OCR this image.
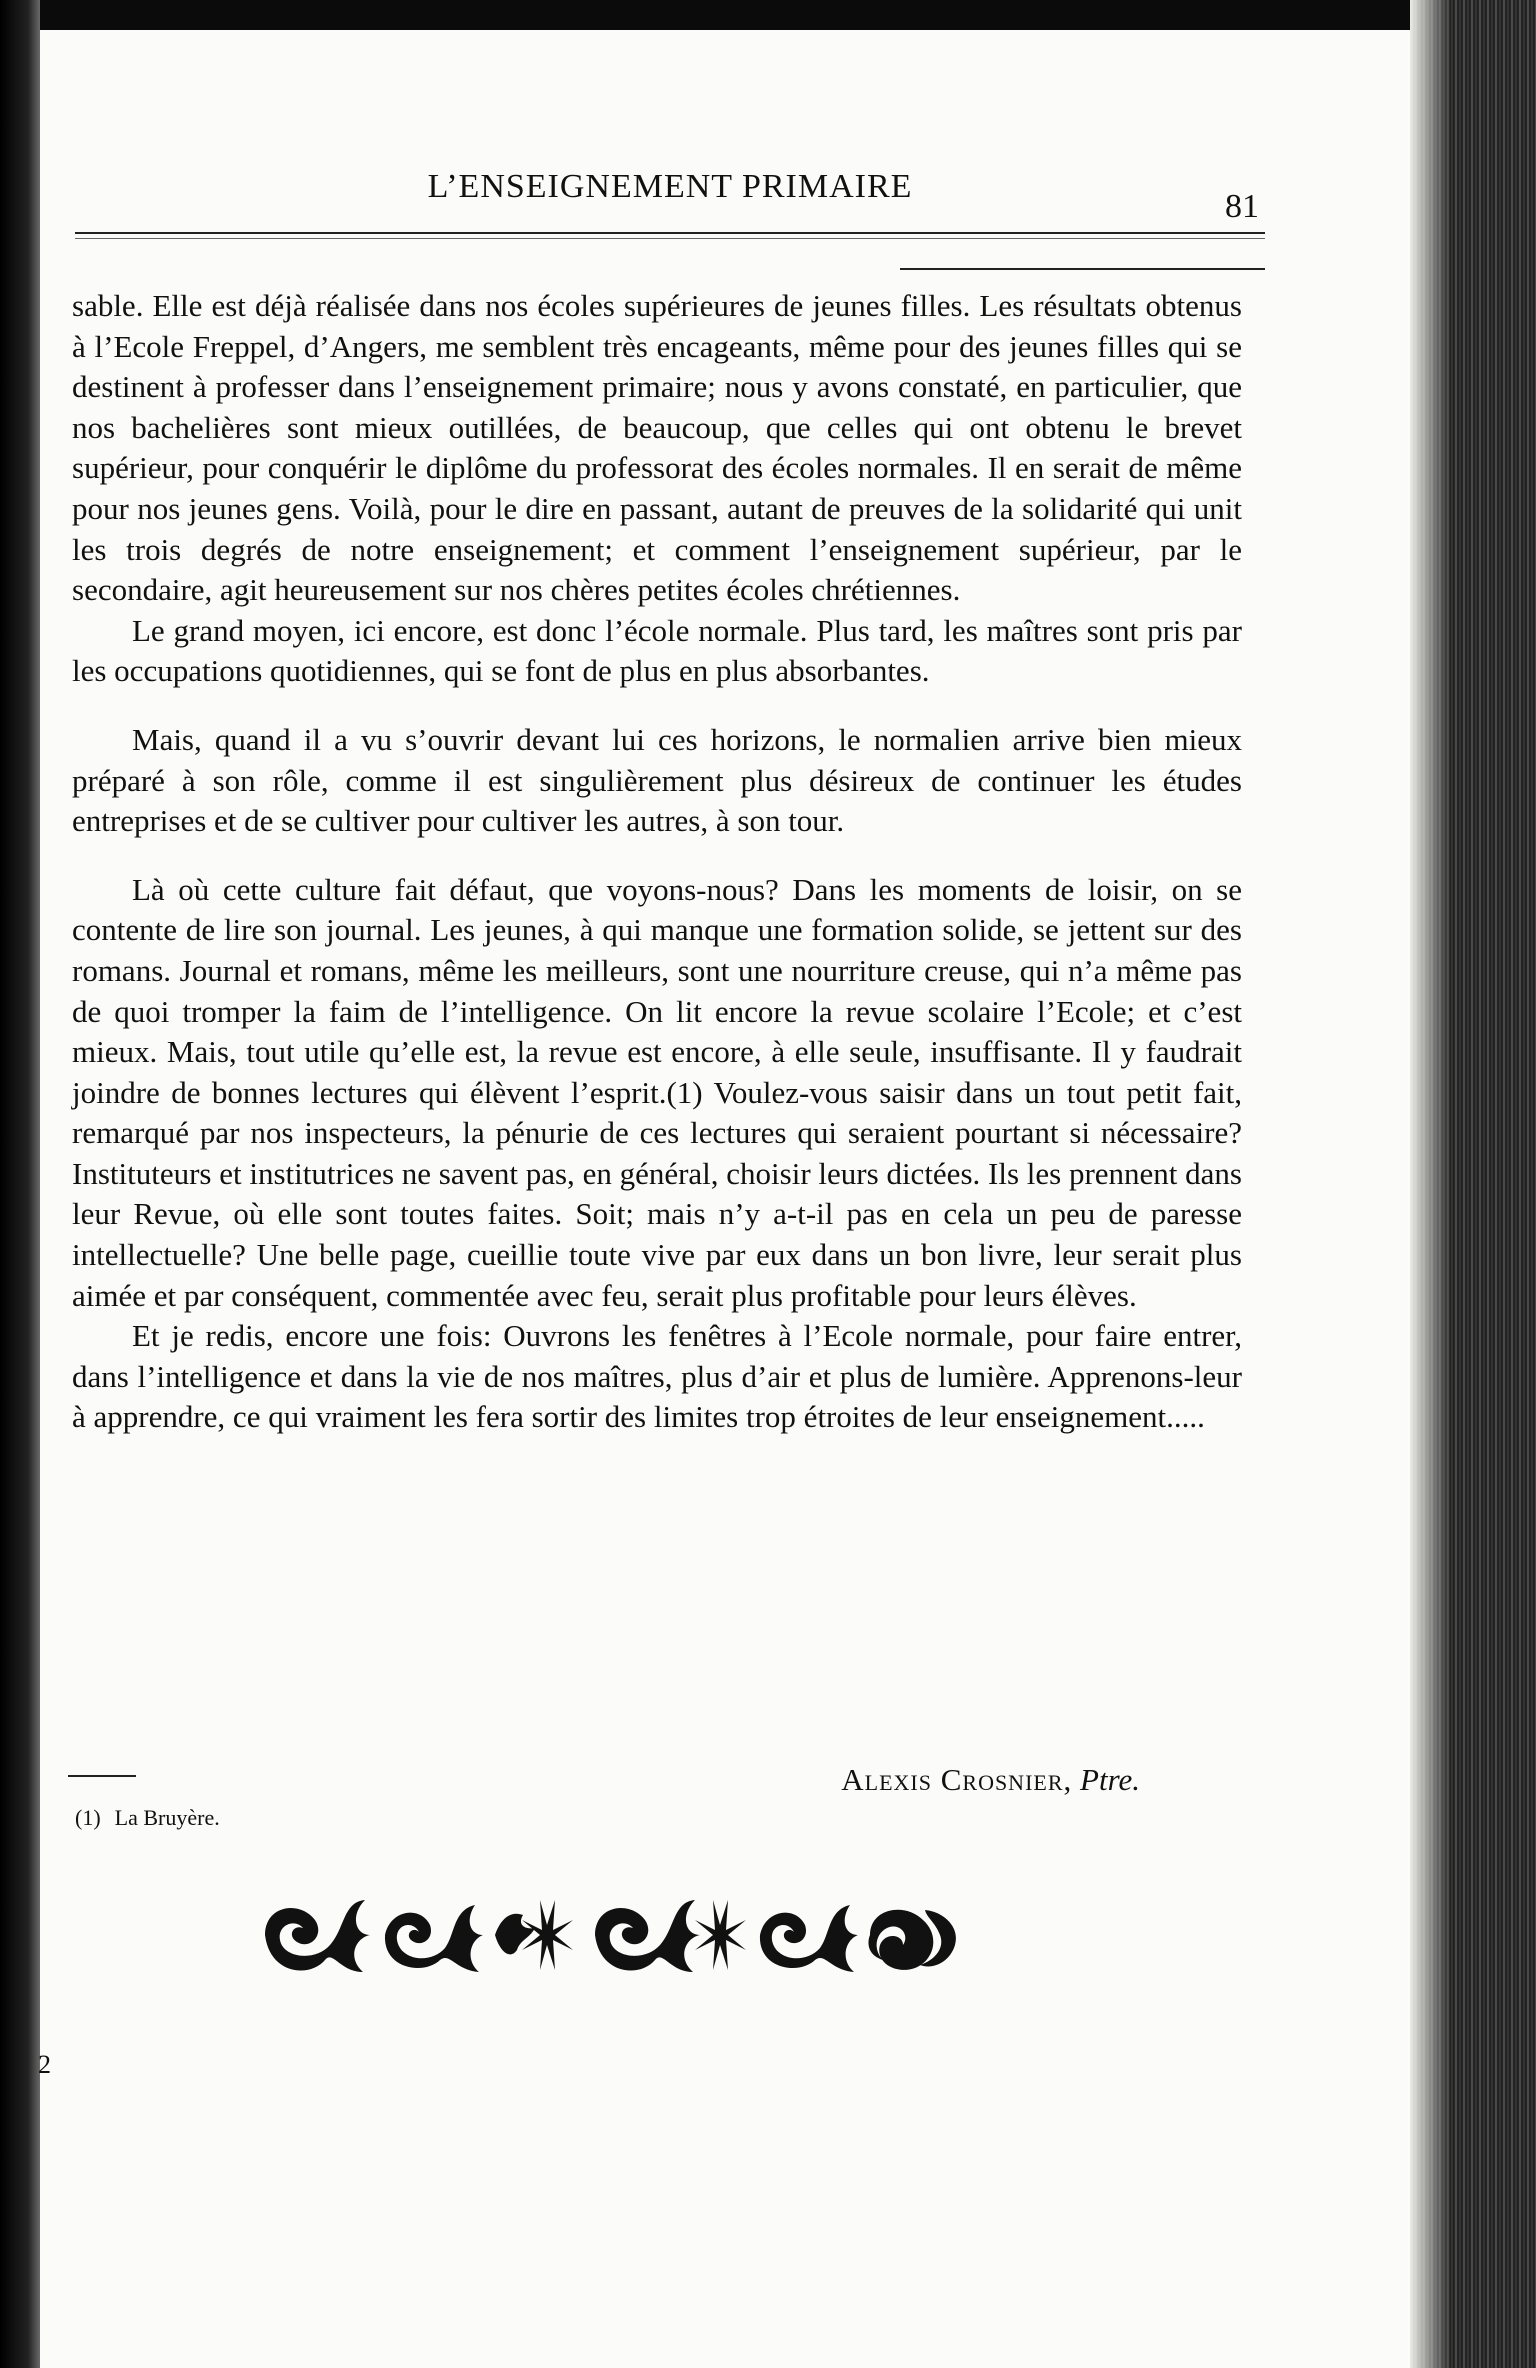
L’ENSEIGNEMENT PRIMAIRE
81

sable. Elle est déjà réalisée dans nos écoles supérieures de jeunes filles. Les résultats obtenus à l’Ecole Freppel, d’Angers, me semblent très encageants, même pour des jeunes filles qui se destinent à professer dans l’enseignement primaire; nous y avons constaté, en particulier, que nos bachelières sont mieux outillées, de beaucoup, que celles qui ont obtenu le brevet supérieur, pour conquérir le diplôme du professorat des écoles normales. Il en serait de même pour nos jeunes gens. Voilà, pour le dire en passant, autant de preuves de la solidarité qui unit les trois degrés de notre enseignement; et comment l’enseignement supérieur, par le secondaire, agit heureusement sur nos chères petites écoles chrétiennes.

Le grand moyen, ici encore, est donc l’école normale. Plus tard, les maîtres sont pris par les occupations quotidiennes, qui se font de plus en plus absorbantes.

Mais, quand il a vu s’ouvrir devant lui ces horizons, le normalien arrive bien mieux préparé à son rôle, comme il est singulièrement plus désireux de continuer les études entreprises et de se cultiver pour cultiver les autres, à son tour.

Là où cette culture fait défaut, que voyons-nous? Dans les moments de loisir, on se contente de lire son journal. Les jeunes, à qui manque une formation solide, se jettent sur des romans. Journal et romans, même les meilleurs, sont une nourriture creuse, qui n’a même pas de quoi tromper la faim de l’intelligence. On lit encore la revue scolaire l’Ecole; et c’est mieux. Mais, tout utile qu’elle est, la revue est encore, à elle seule, insuffisante. Il y faudrait joindre de bonnes lectures qui élèvent l’esprit.(1) Voulez-vous saisir dans un tout petit fait, remarqué par nos inspecteurs, la pénurie de ces lectures qui seraient pourtant si nécessaire? Instituteurs et institutrices ne savent pas, en général, choisir leurs dictées. Ils les prennent dans leur Revue, où elle sont toutes faites. Soit; mais n’y a-t-il pas en cela un peu de paresse intellectuelle? Une belle page, cueillie toute vive par eux dans un bon livre, leur serait plus aimée et par conséquent, commentée avec feu, serait plus profitable pour leurs élèves.

Et je redis, encore une fois: Ouvrons les fenêtres à l’Ecole normale, pour faire entrer, dans l’intelligence et dans la vie de nos maîtres, plus d’air et plus de lumière. Apprenons-leur à apprendre, ce qui vraiment les fera sortir des limites trop étroites de leur enseignement.....

Alexis Crosnier, Ptre.
(1) La Bruyère.
2
